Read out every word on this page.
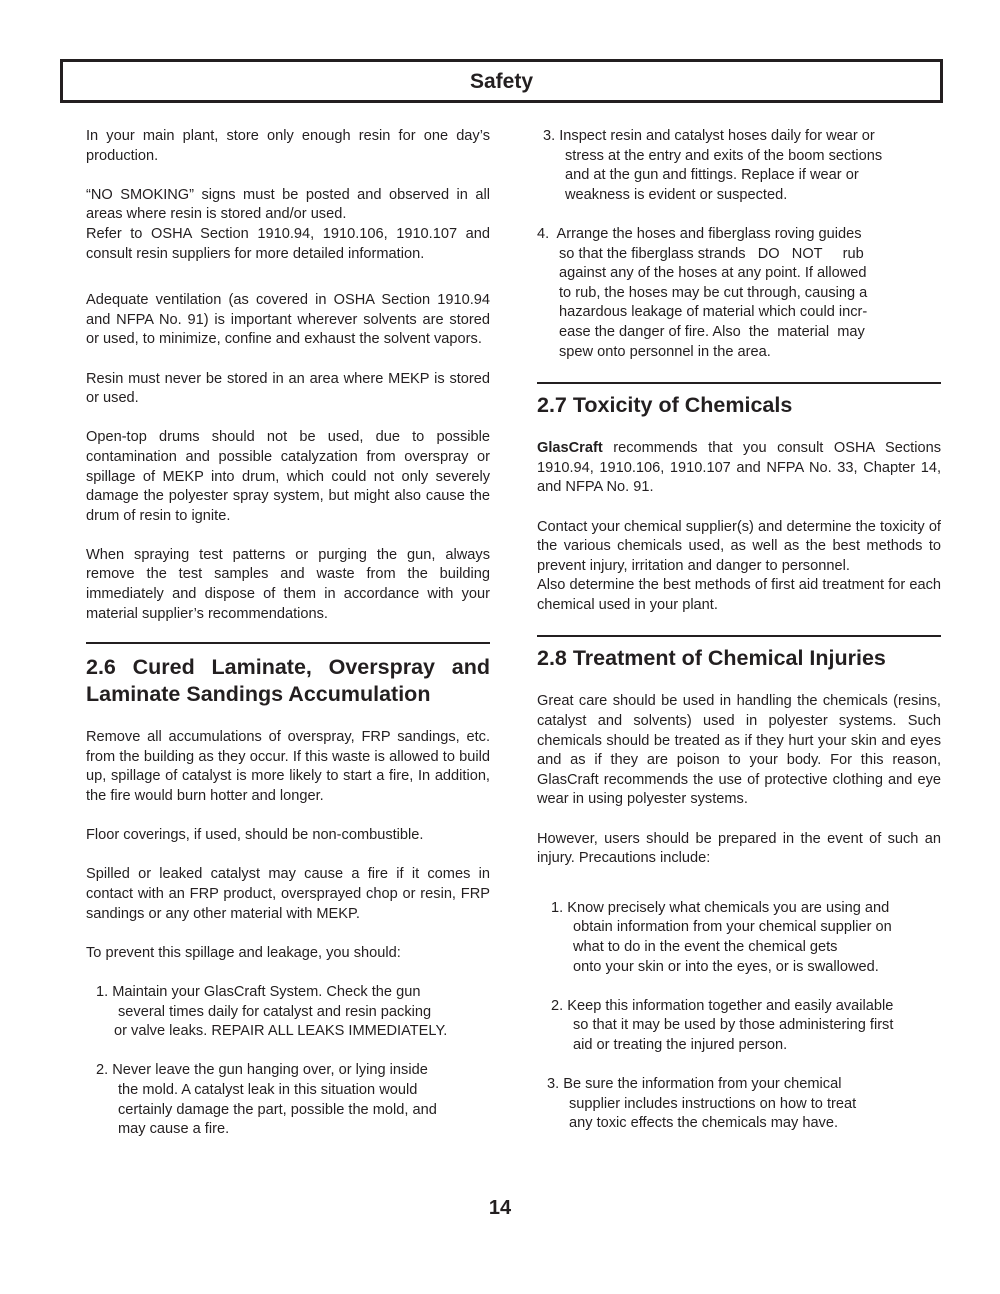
Safety

In your main plant, store only enough resin for one day’s production.

“NO SMOKING” signs must be posted and observed in all areas where resin is stored and/or used.

Refer to OSHA Section 1910.94, 1910.106, 1910.107 and consult resin suppliers for more detailed information.

Adequate ventilation (as covered in OSHA Section 1910.94 and NFPA No. 91) is important wherever solvents are stored or used, to minimize, confine and exhaust the solvent vapors.

Resin must never be stored in an area where MEKP is stored or used.

Open-top drums should not be used, due to possible contamination and possible catalyzation from overspray or spillage of MEKP into drum, which could not only severely damage the polyester spray system, but might also cause the drum of resin to ignite.

When spraying test patterns or purging the gun, always remove the test samples and waste from the building immediately and dispose of them in accordance with your material supplier’s recommendations.

2.6 Cured Laminate, Overspray and
Laminate Sandings Accumulation

Remove all accumulations of overspray, FRP sandings, etc. from the building as they occur. If this waste is allowed to build up, spillage of catalyst is more likely to start a fire, In addition, the fire would burn hotter and longer.

Floor coverings, if used, should be non-combustible.

Spilled or leaked catalyst may cause a fire if it comes in contact with an FRP product, oversprayed chop or resin, FRP sandings or any other material with MEKP.

To prevent this spillage and leakage, you should:

1. Maintain your GlasCraft System. Check the gun
several times daily for catalyst and resin packing
or valve leaks. REPAIR ALL LEAKS IMMEDIATELY.
2. Never leave the gun hanging over, or lying inside
the mold. A catalyst leak in this situation would
certainly damage the part, possible the mold, and
may cause a fire.
3. Inspect resin and catalyst hoses daily for wear or
stress at the entry and exits of the boom sections
and at the gun and fittings. Replace if wear or
weakness is evident or suspected.
4.  Arrange the hoses and fiberglass roving guides
so that the fiberglass strands   DO   NOT     rub
against any of the hoses at any point. If allowed
to rub, the hoses may be cut through, causing a
hazardous leakage of material which could incr-
ease the danger of fire. Also  the  material  may
spew onto personnel in the area.
2.7 Toxicity of Chemicals

GlasCraft recommends that you consult OSHA Sections 1910.94, 1910.106, 1910.107 and NFPA No. 33, Chapter 14, and NFPA No. 91.

Contact your chemical supplier(s) and determine the toxicity of the various chemicals used, as well as the best methods to prevent injury, irritation and danger to personnel.

Also determine the best methods of first aid treatment for each chemical used in your plant.

2.8 Treatment of Chemical Injuries

Great care should be used in handling the chemicals (resins, catalyst and solvents) used in polyester systems. Such chemicals should be treated as if they hurt your skin and eyes and as if they are poison to your body. For this reason, GlasCraft recommends the use of protective clothing and eye wear in using polyester systems.

However, users should be prepared in the event of such an injury. Precautions include:

1. Know precisely what chemicals you are using and
obtain information from your chemical supplier on
what to do in the event the chemical gets
onto your skin or into the eyes, or is swallowed.
2. Keep this information together and easily available
so that it may be used by those administering first
aid or treating the injured person.
3. Be sure the information from your chemical
supplier includes instructions on how to treat
any toxic effects the chemicals may have.
14
